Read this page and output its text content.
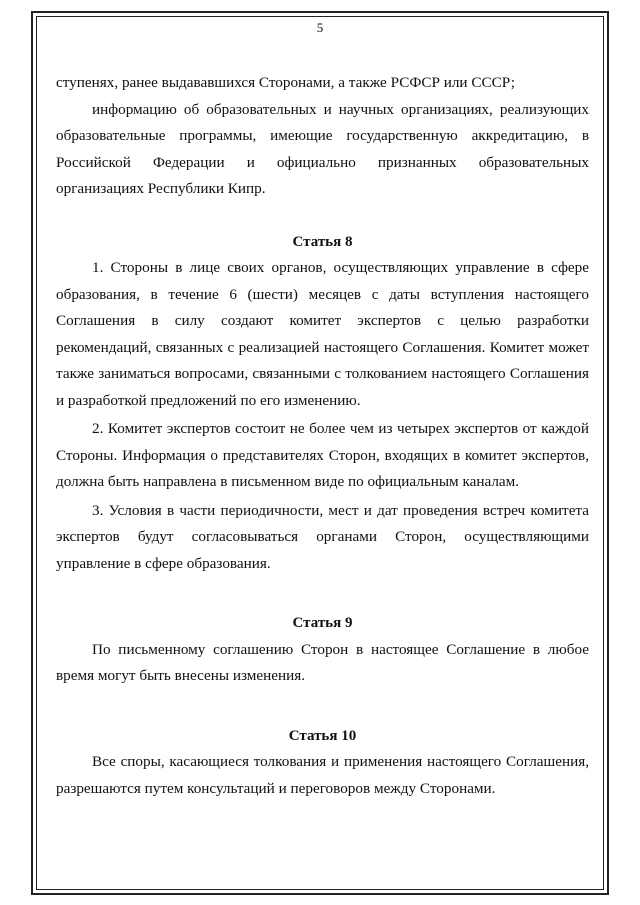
5

ступенях, ранее выдававшихся Сторонами, а также РСФСР или СССР;

информацию об образовательных и научных организациях, реализующих образовательные программы, имеющие государственную аккредитацию, в Российской Федерации и официально признанных образовательных организациях Республики Кипр.

Статья 8

1. Стороны в лице своих органов, осуществляющих управление в сфере образования, в течение 6 (шести) месяцев с даты вступления настоящего Соглашения в силу создают комитет экспертов с целью разработки рекомендаций, связанных с реализацией настоящего Соглашения. Комитет может также заниматься вопросами, связанными с толкованием настоящего Соглашения и разработкой предложений по его изменению.

2. Комитет экспертов состоит не более чем из четырех экспертов от каждой Стороны. Информация о представителях Сторон, входящих в комитет экспертов, должна быть направлена в письменном виде по официальным каналам.

3. Условия в части периодичности, мест и дат проведения встреч комитета экспертов будут согласовываться органами Сторон, осуществляющими управление в сфере образования.

Статья 9

По письменному соглашению Сторон в настоящее Соглашение в любое время могут быть внесены изменения.

Статья 10

Все споры, касающиеся толкования и применения настоящего Соглашения, разрешаются путем консультаций и переговоров между Сторонами.
